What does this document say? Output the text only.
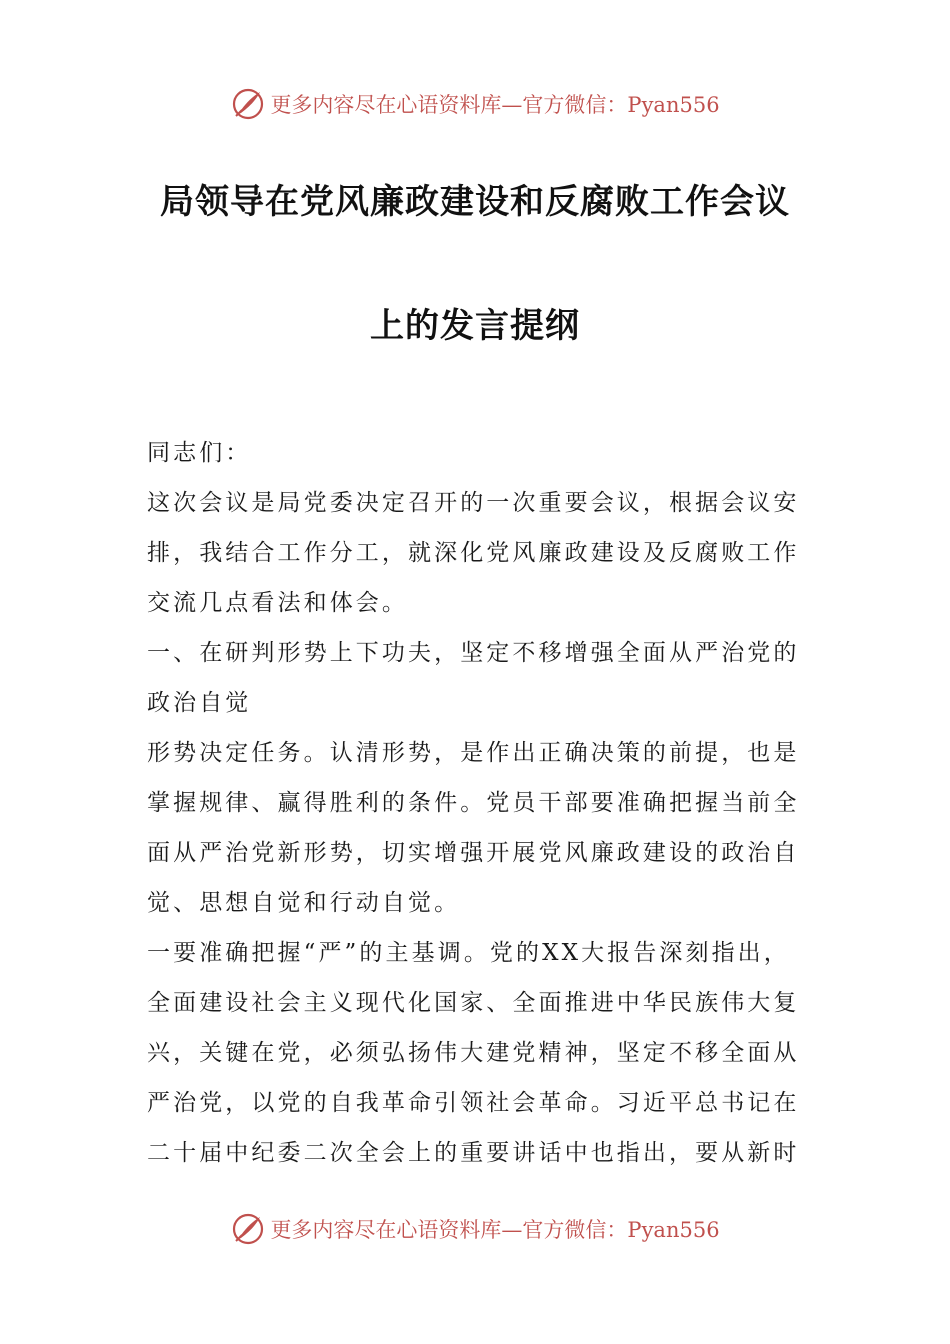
更多内容尽在心语资料库—官方微信：Pyan556
局领导在党风廉政建设和反腐败工作会议
上的发言提纲
同志们：
这次会议是局党委决定召开的一次重要会议，根据会议安
排，我结合工作分工，就深化党风廉政建设及反腐败工作
交流几点看法和体会。
一、在研判形势上下功夫，坚定不移增强全面从严治党的
政治自觉
形势决定任务。认清形势，是作出正确决策的前提，也是
掌握规律、赢得胜利的条件。党员干部要准确把握当前全
面从严治党新形势，切实增强开展党风廉政建设的政治自
觉、思想自觉和行动自觉。
一要准确把握“严”的主基调。党的XX大报告深刻指出，
全面建设社会主义现代化国家、全面推进中华民族伟大复
兴，关键在党，必须弘扬伟大建党精神，坚定不移全面从
严治党，以党的自我革命引领社会革命。习近平总书记在
二十届中纪委二次全会上的重要讲话中也指出，要从新时
更多内容尽在心语资料库—官方微信：Pyan556
